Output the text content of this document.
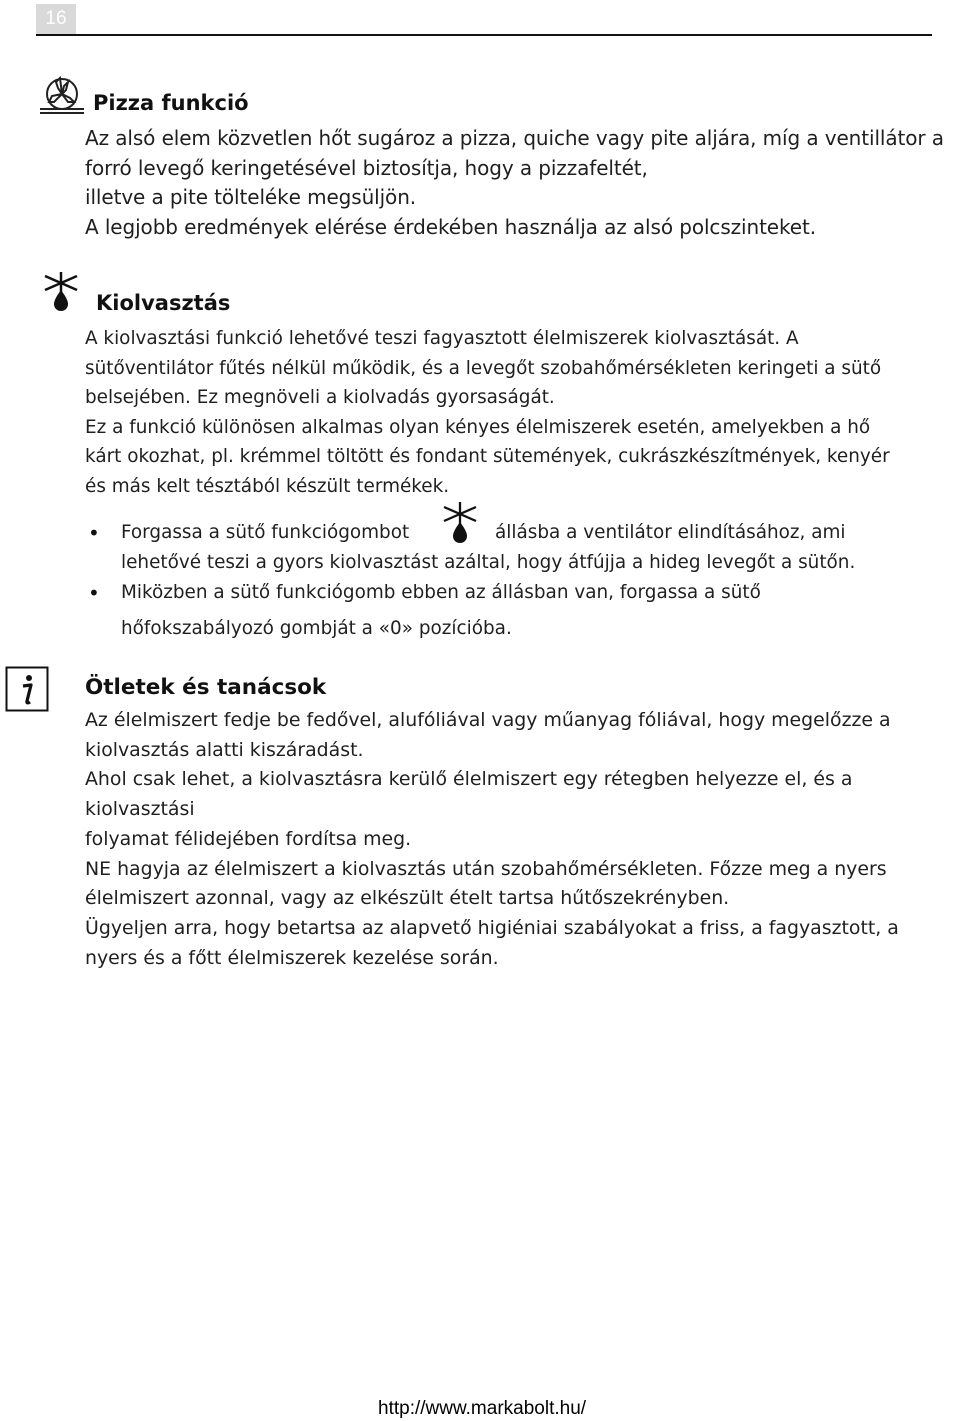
16
Pizza funkció

Az alsó elem közvetlen hőt sugároz a pizza, quiche vagy pite aljára, míg a ventillátor a

forró levegő keringetésével biztosítja, hogy a pizzafeltét,

illetve a pite töltelékе megsüljön.

A legjobb eredmények elérése érdekében használja az alsó polcszinteket.

Kiolvasztás

A kiolvasztási funkció lehetővé teszi fagyasztott élelmiszerek kiolvasztását. A

sütőventilátor fűtés nélkül működik, és a levegőt szobahőmérsékleten keringeti a sütő

belsejében. Ez megnöveli a kiolvadás gyorsaságát.

Ez a funkció különösen alkalmas olyan kényes élelmiszerek esetén, amelyekben a hő

kárt okozhat, pl. krémmel töltött és fondant sütemények, cukrászkészítmények, kenyér

és más kelt tésztából készült termékek.

• Forgassa a sütő funkciógombot	állásba a ventilátor elindításához, ami
lehetővé teszi a gyors kiolvasztást azáltal, hogy átfújja a hideg levegőt a sütőn.
• Miközben a sütő funkciógomb ebben az állásban van, forgassa a sütő
hőfokszabályozó gombját a «0» pozícióba.
Ötletek és tanácsok

Az élelmiszert fedje be fedővel, alufóliával vagy műanyag fóliával, hogy megelőzze a

kiolvasztás alatti kiszáradást.

Ahol csak lehet, a kiolvasztásra kerülő élelmiszert egy rétegben helyezze el, és a kiolvasztási

folyamat félidejében fordítsa meg.

NE hagyja az élelmiszert a kiolvasztás után szobahőmérsékleten. Főzze meg a nyers

élelmiszert azonnal, vagy az elkészült ételt tartsa hűtőszekrényben.

Ügyeljen arra, hogy betartsa az alapvető higiéniai szabályokat a friss, a fagyasztott, a

nyers és a főtt élelmiszerek kezelése során.

http://www.markabolt.hu/
